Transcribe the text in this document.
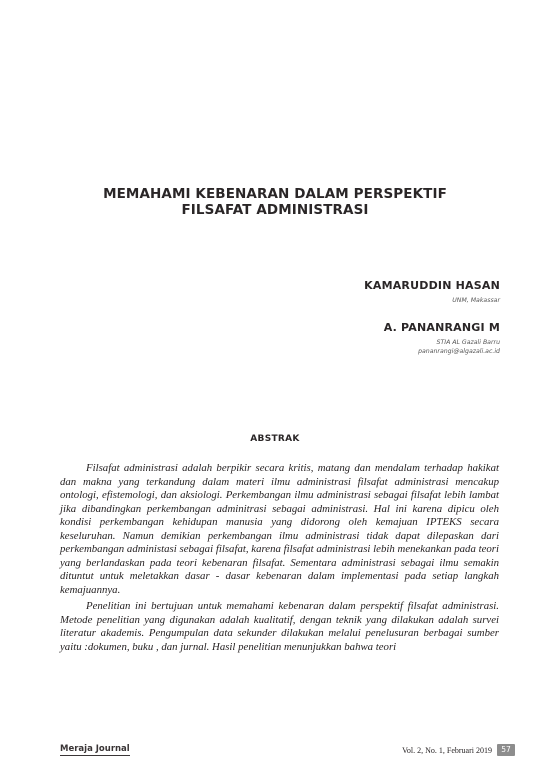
MEMAHAMI KEBENARAN DALAM PERSPEKTIF
FILSAFAT ADMINISTRASI
KAMARUDDIN HASAN
UNM, Makassar
A. PANANRANGI M
STIA AL Gazali Barru
pananrangi@algazali.ac.id
ABSTRAK

Filsafat administrasi adalah berpikir secara kritis, matang dan mendalam terhadap hakikat dan makna yang terkandung dalam materi ilmu administrasi filsafat administrasi mencakup ontologi, efistemologi, dan aksiologi. Perkembangan ilmu administrasi sebagai filsafat lebih lambat jika dibandingkan perkembangan adminitrasi sebagai administrasi. Hal ini karena dipicu oleh kondisi perkembangan kehidupan manusia yang didorong oleh kemajuan IPTEKS secara keseluruhan. Namun demikian perkembangan ilmu administrasi tidak dapat dilepaskan dari perkembangan administasi sebagai filsafat, karena filsafat administrasi lebih menekankan pada teori yang berlandaskan pada teori kebenaran filsafat. Sementara administrasi sebagai ilmu semakin dituntut untuk meletakkan dasar - dasar kebenaran dalam implementasi pada setiap langkah kemajuannya.

Penelitian ini bertujuan untuk memahami kebenaran dalam perspektif filsafat administrasi. Metode penelitian yang digunakan adalah kualitatif, dengan teknik yang dilakukan adalah survei literatur akademis. Pengumpulan data sekunder dilakukan melalui penelusuran berbagai sumber yaitu :dokumen, buku , dan jurnal. Hasil penelitian menunjukkan bahwa teori

Meraja Journal	Vol. 2, No. 1, Februari 2019	57
